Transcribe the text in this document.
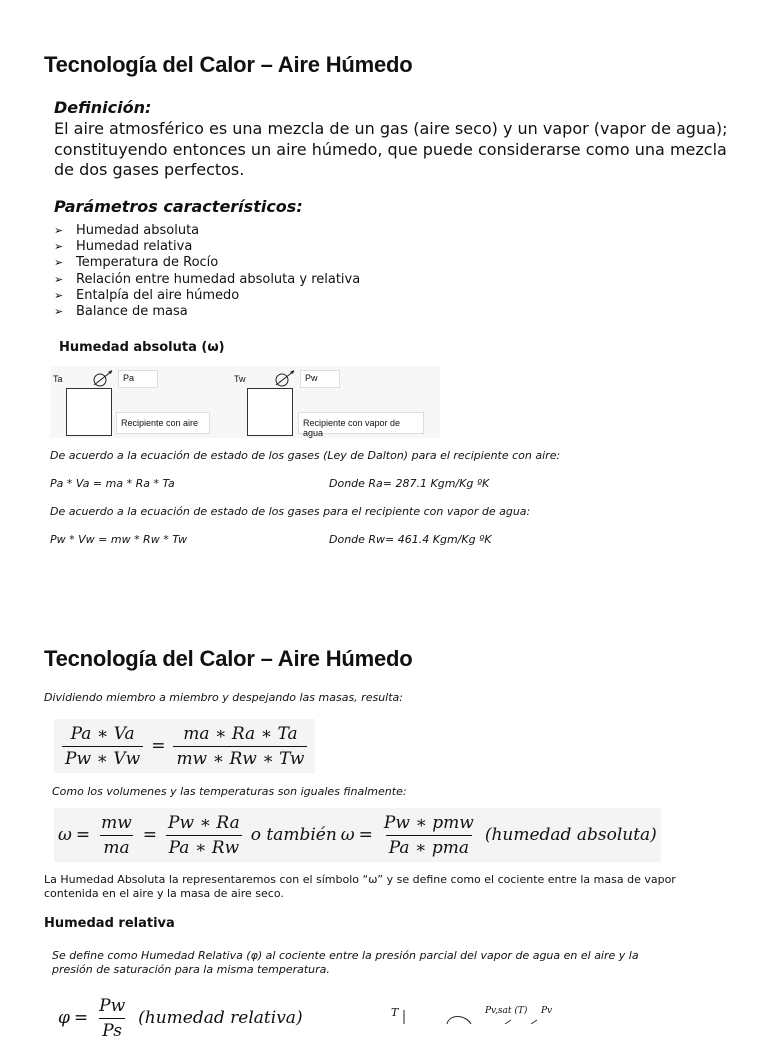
Tecnología del Calor – Aire Húmedo
Definición:
El aire atmosférico es una mezcla de un gas (aire seco) y un vapor (vapor de agua); constituyendo entonces un aire húmedo, que puede considerarse como una mezcla de dos gases perfectos.
Parámetros característicos:
➢ Humedad absoluta
➢ Humedad relativa
➢ Temperatura de Rocío
➢ Relación entre humedad absoluta y relativa
➢ Entalpía del aire húmedo
➢ Balance de masa
Humedad absoluta (ω)
Ta	Pa
Recipiente con aire
Tw	Pw
Recipiente con vapor de agua
De acuerdo a la ecuación de estado de los gases (Ley de Dalton) para el recipiente con aire:
Pa * Va = ma * Ra * Ta	Donde Ra= 287.1 Kgm/Kg ºK
De acuerdo a la ecuación de estado de los gases para el recipiente con vapor de agua:
Pw * Vw = mw * Rw * Tw	Donde Rw= 461.4 Kgm/Kg ºK
Tecnología del Calor – Aire Húmedo
Dividiendo miembro a miembro y despejando las masas, resulta:
$\frac{Pa ∗ Va}{Pw ∗ Vw} = \frac{ma ∗ Ra ∗ Ta}{mw ∗ Rw ∗ Tw}$
Como los volumenes y las temperaturas son iguales finalmente:
$\omega = \frac{mw}{ma} = \frac{Pw ∗ Ra}{Pa ∗ Rw}$ o también $\omega = \frac{\text{Pw ∗ pmw}}{\text{Pa ∗ pma}}$ (humedad absoluta)
La Humedad Absoluta la representaremos con el símbolo “ω” y se define como el cociente entre la masa de vapor contenida en el aire y la masa de aire seco.
Humedad relativa
Se define como Humedad Relativa (φ) al cociente entre la presión parcial del vapor de agua en el aire y la presión de saturación para la misma temperatura.
$\varphi = \frac{Pw}{Ps}$ (humedad relativa)	T	Pv,sat (T) Pv
